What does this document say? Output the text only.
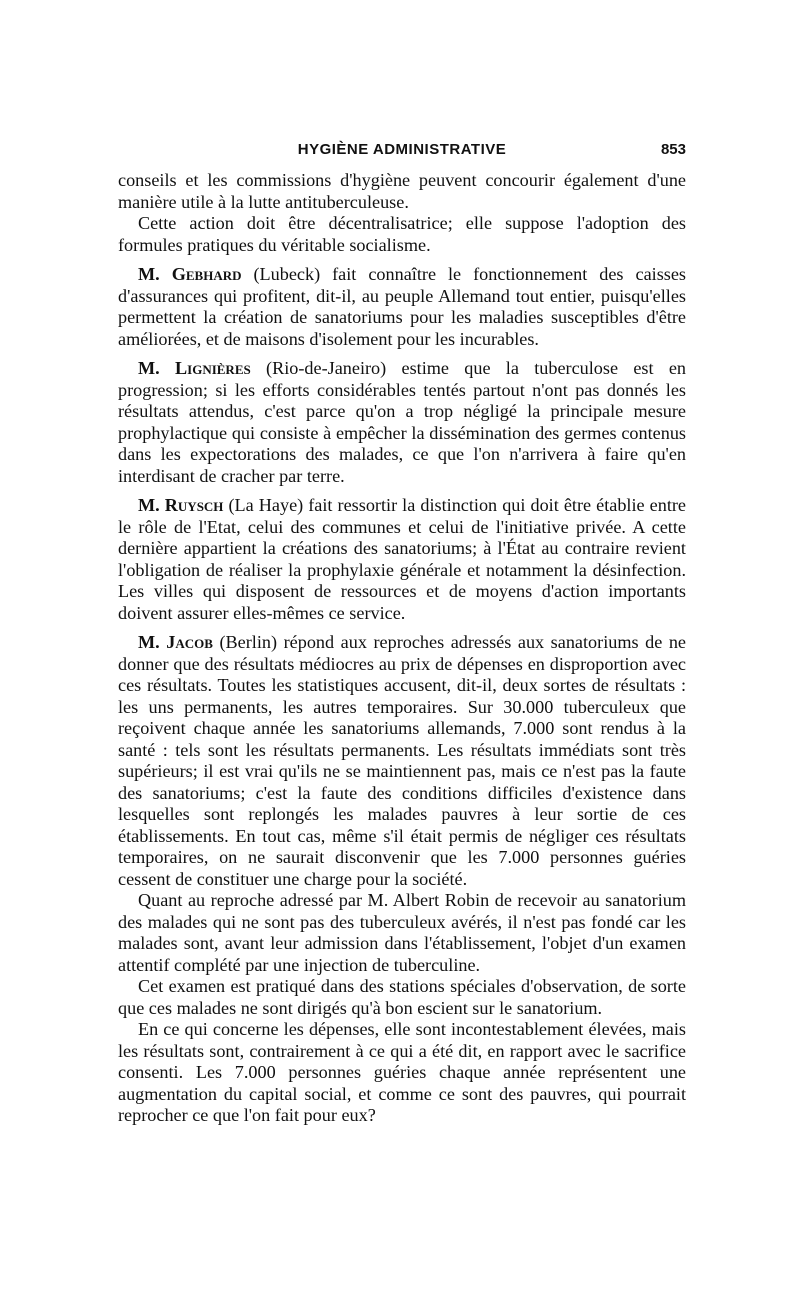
HYGIÈNE ADMINISTRATIVE	853

conseils et les commissions d'hygiène peuvent concourir également d'une manière utile à la lutte antituberculeuse.

Cette action doit être décentralisatrice; elle suppose l'adoption des formules pratiques du véritable socialisme.

M. Gebhard (Lubeck) fait connaître le fonctionnement des caisses d'assurances qui profitent, dit-il, au peuple Allemand tout entier, puisqu'elles permettent la création de sanatoriums pour les maladies susceptibles d'être améliorées, et de maisons d'isolement pour les incurables.

M. Lignières (Rio-de-Janeiro) estime que la tuberculose est en progression; si les efforts considérables tentés partout n'ont pas donnés les résultats attendus, c'est parce qu'on a trop négligé la principale mesure prophylactique qui consiste à empêcher la dissémination des germes contenus dans les expectorations des malades, ce que l'on n'arrivera à faire qu'en interdisant de cracher par terre.

M. Ruysch (La Haye) fait ressortir la distinction qui doit être établie entre le rôle de l'Etat, celui des communes et celui de l'initiative privée. A cette dernière appartient la créations des sanatoriums; à l'État au contraire revient l'obligation de réaliser la prophylaxie générale et notamment la désinfection. Les villes qui disposent de ressources et de moyens d'action importants doivent assurer elles-mêmes ce service.

M. Jacob (Berlin) répond aux reproches adressés aux sanatoriums de ne donner que des résultats médiocres au prix de dépenses en disproportion avec ces résultats. Toutes les statistiques accusent, dit-il, deux sortes de résultats : les uns permanents, les autres temporaires. Sur 30.000 tuberculeux que reçoivent chaque année les sanatoriums allemands, 7.000 sont rendus à la santé : tels sont les résultats permanents. Les résultats immédiats sont très supérieurs; il est vrai qu'ils ne se maintiennent pas, mais ce n'est pas la faute des sanatoriums; c'est la faute des conditions difficiles d'existence dans lesquelles sont replongés les malades pauvres à leur sortie de ces établissements. En tout cas, même s'il était permis de négliger ces résultats temporaires, on ne saurait disconvenir que les 7.000 personnes guéries cessent de constituer une charge pour la société.

Quant au reproche adressé par M. Albert Robin de recevoir au sanatorium des malades qui ne sont pas des tuberculeux avérés, il n'est pas fondé car les malades sont, avant leur admission dans l'établissement, l'objet d'un examen attentif complété par une injection de tuberculine.

Cet examen est pratiqué dans des stations spéciales d'observation, de sorte que ces malades ne sont dirigés qu'à bon escient sur le sanatorium.

En ce qui concerne les dépenses, elle sont incontestablement élevées, mais les résultats sont, contrairement à ce qui a été dit, en rapport avec le sacrifice consenti. Les 7.000 personnes guéries chaque année représentent une augmentation du capital social, et comme ce sont des pauvres, qui pourrait reprocher ce que l'on fait pour eux?
